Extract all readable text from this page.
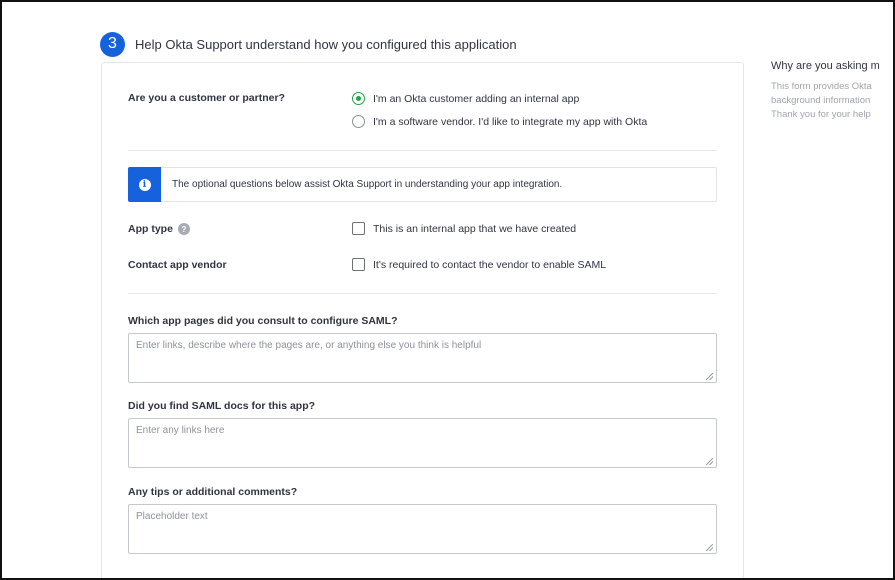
3	Help Okta Support understand how you configured this application
Why are you asking m
This form provides Okta
background information
Thank you for your help
Are you a customer or partner?	I'm an Okta customer adding an internal app
I'm a software vendor. I'd like to integrate my app with Okta
i	The optional questions below assist Okta Support in understanding your app integration.
App type ?	This is an internal app that we have created
Contact app vendor	It's required to contact the vendor to enable SAML
Which app pages did you consult to configure SAML?
Enter links, describe where the pages are, or anything else you think is helpful
Did you find SAML docs for this app?
Enter any links here
Any tips or additional comments?
Placeholder text
